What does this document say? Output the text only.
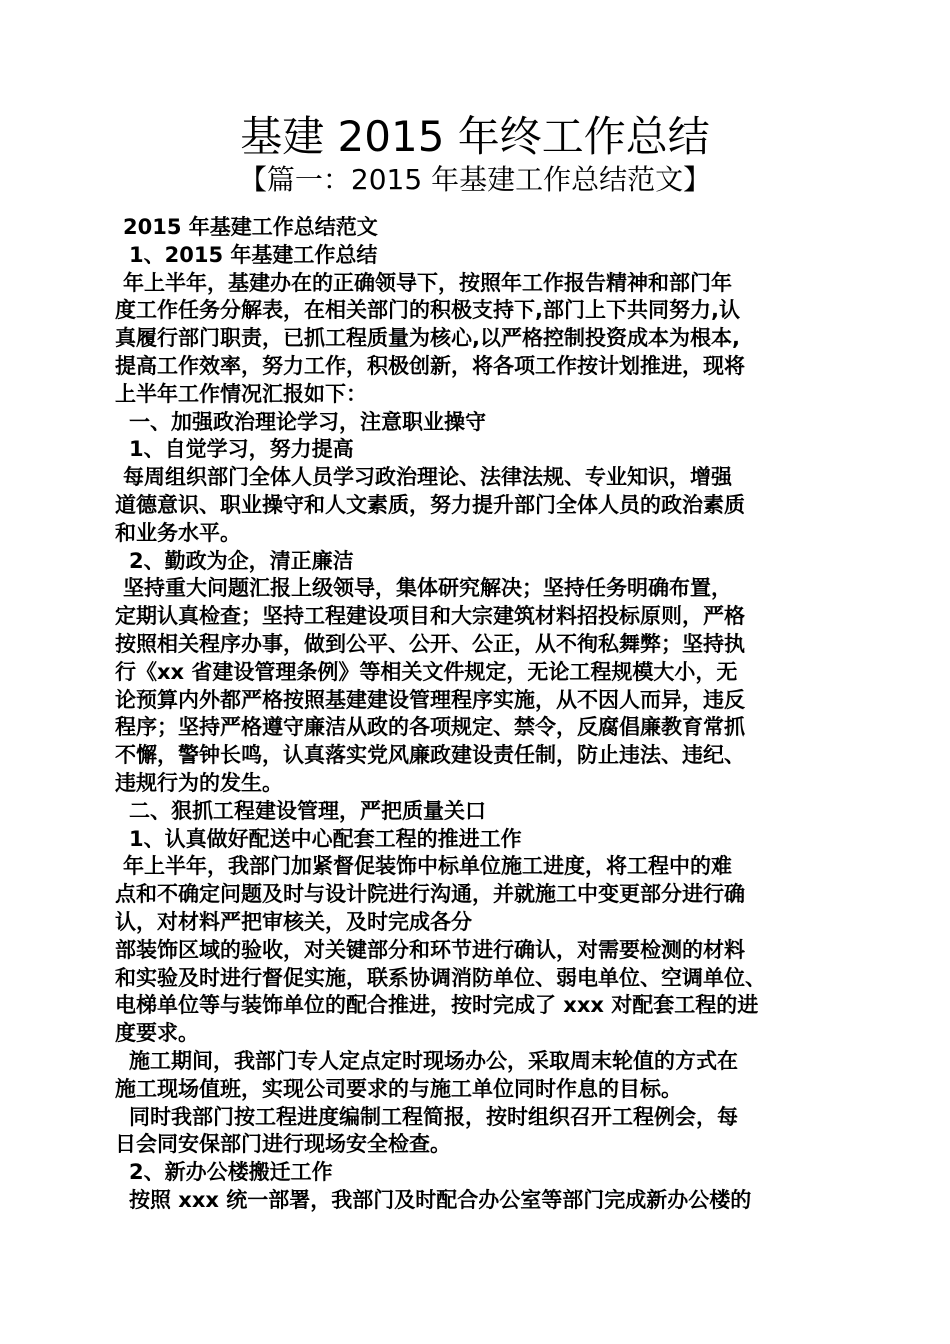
基建 2015 年终工作总结
【篇一：2015 年基建工作总结范文】
2015 年基建工作总结范文
1、2015 年基建工作总结
年上半年，基建办在的正确领导下，按照年工作报告精神和部门年
度工作任务分解表，在相关部门的积极支持下,部门上下共同努力,认
真履行部门职责，已抓工程质量为核心,以严格控制投资成本为根本,
提高工作效率，努力工作，积极创新，将各项工作按计划推进，现将
上半年工作情况汇报如下：
一、加强政治理论学习，注意职业操守
1、自觉学习，努力提高
每周组织部门全体人员学习政治理论、法律法规、专业知识，增强
道德意识、职业操守和人文素质，努力提升部门全体人员的政治素质
和业务水平。
2、勤政为企，清正廉洁
坚持重大问题汇报上级领导，集体研究解决；坚持任务明确布置，
定期认真检查；坚持工程建设项目和大宗建筑材料招投标原则，严格
按照相关程序办事，做到公平、公开、公正，从不徇私舞弊；坚持执
行《xx 省建设管理条例》等相关文件规定，无论工程规模大小，无
论预算内外都严格按照基建建设管理程序实施，从不因人而异，违反
程序；坚持严格遵守廉洁从政的各项规定、禁令，反腐倡廉教育常抓
不懈，警钟长鸣，认真落实党风廉政建设责任制，防止违法、违纪、
违规行为的发生。
二、狠抓工程建设管理，严把质量关口
1、认真做好配送中心配套工程的推进工作
年上半年，我部门加紧督促装饰中标单位施工进度，将工程中的难
点和不确定问题及时与设计院进行沟通，并就施工中变更部分进行确
认，对材料严把审核关，及时完成各分
部装饰区域的验收，对关键部分和环节进行确认，对需要检测的材料
和实验及时进行督促实施，联系协调消防单位、弱电单位、空调单位、
电梯单位等与装饰单位的配合推进，按时完成了 xxx 对配套工程的进
度要求。
施工期间，我部门专人定点定时现场办公，采取周末轮值的方式在
施工现场值班，实现公司要求的与施工单位同时作息的目标。
同时我部门按工程进度编制工程简报，按时组织召开工程例会，每
日会同安保部门进行现场安全检查。
2、新办公楼搬迁工作
按照 xxx 统一部署，我部门及时配合办公室等部门完成新办公楼的
